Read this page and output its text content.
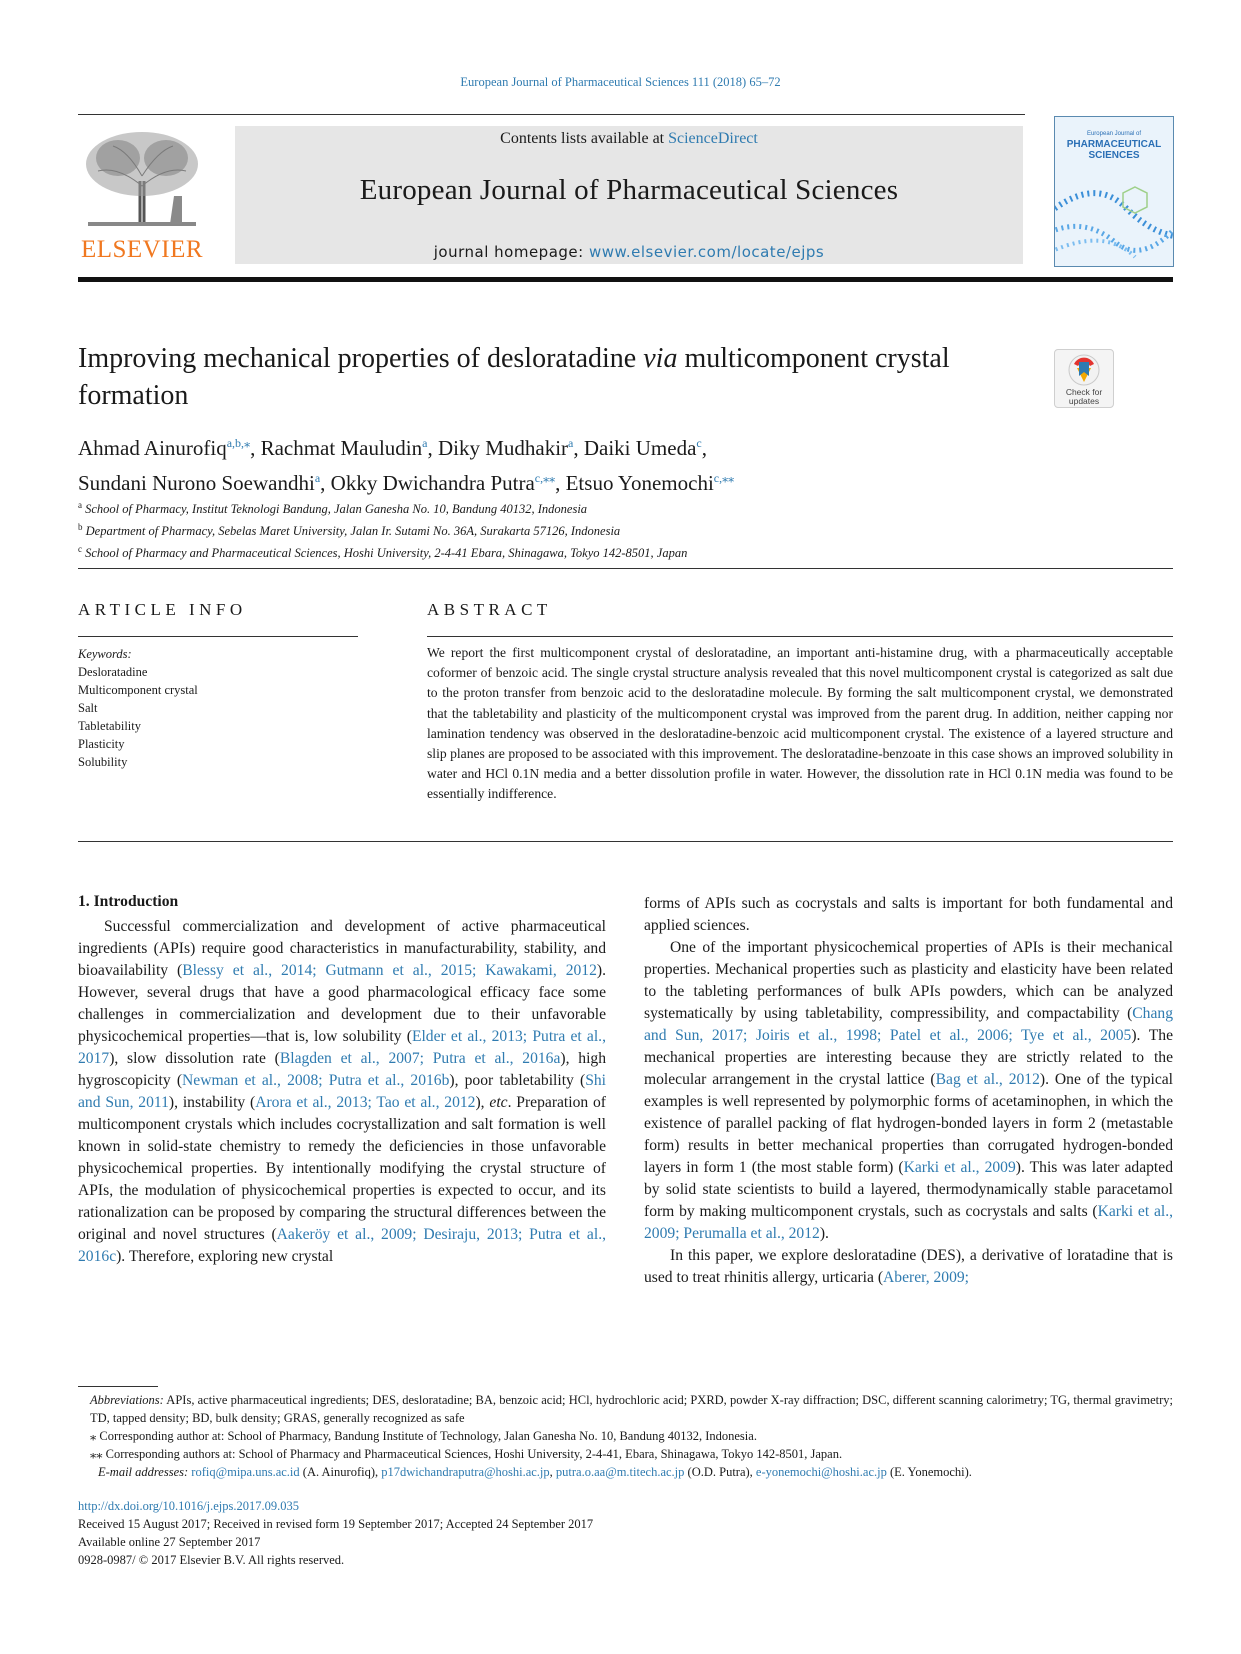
European Journal of Pharmaceutical Sciences 111 (2018) 65–72
ELSEVIER
Contents lists available at ScienceDirect
European Journal of Pharmaceutical Sciences
journal homepage: www.elsevier.com/locate/ejps
European Journal of
PHARMACEUTICAL
SCIENCES
Improving mechanical properties of desloratadine via multicomponent crystal formation	Check for updates
Ahmad Ainurofiq$^{a,b,⁎}$, Rachmat Mauludin$^a$, Diky Mudhakir$^a$, Daiki Umeda$^c$,
Sundani Nurono Soewandhi$^a$, Okky Dwichandra Putra$^{c,⁎⁎}$, Etsuo Yonemochi$^{c,⁎⁎}$
$^a$ School of Pharmacy, Institut Teknologi Bandung, Jalan Ganesha No. 10, Bandung 40132, Indonesia
$^b$ Department of Pharmacy, Sebelas Maret University, Jalan Ir. Sutami No. 36A, Surakarta 57126, Indonesia
$^c$ School of Pharmacy and Pharmaceutical Sciences, Hoshi University, 2-4-41 Ebara, Shinagawa, Tokyo 142-8501, Japan
ARTICLE INFO	ABSTRACT
Keywords:
Desloratadine
Multicomponent crystal
Salt
Tabletability
Plasticity
Solubility
We report the first multicomponent crystal of desloratadine, an important anti-histamine drug, with a pharmaceutically acceptable coformer of benzoic acid. The single crystal structure analysis revealed that this novel multicomponent crystal is categorized as salt due to the proton transfer from benzoic acid to the desloratadine molecule. By forming the salt multicomponent crystal, we demonstrated that the tabletability and plasticity of the multicomponent crystal was improved from the parent drug. In addition, neither capping nor lamination tendency was observed in the desloratadine-benzoic acid multicomponent crystal. The existence of a layered structure and slip planes are proposed to be associated with this improvement. The desloratadine-benzoate in this case shows an improved solubility in water and HCl 0.1N media and a better dissolution profile in water. However, the dissolution rate in HCl 0.1N media was found to be essentially indifference.
1. Introduction

Successful commercialization and development of active pharmaceutical ingredients (APIs) require good characteristics in manufacturability, stability, and bioavailability (Blessy et al., 2014; Gutmann et al., 2015; Kawakami, 2012). However, several drugs that have a good pharmacological efficacy face some challenges in commercialization and development due to their unfavorable physicochemical properties—that is, low solubility (Elder et al., 2013; Putra et al., 2017), slow dissolution rate (Blagden et al., 2007; Putra et al., 2016a), high hygroscopicity (Newman et al., 2008; Putra et al., 2016b), poor tabletability (Shi and Sun, 2011), instability (Arora et al., 2013; Tao et al., 2012), etc. Preparation of multicomponent crystals which includes cocrystallization and salt formation is well known in solid-state chemistry to remedy the deficiencies in those unfavorable physicochemical properties. By intentionally modifying the crystal structure of APIs, the modulation of physicochemical properties is expected to occur, and its rationalization can be proposed by comparing the structural differences between the original and novel structures (Aakeröy et al., 2009; Desiraju, 2013; Putra et al., 2016c). Therefore, exploring new crystal

forms of APIs such as cocrystals and salts is important for both fundamental and applied sciences.

One of the important physicochemical properties of APIs is their mechanical properties. Mechanical properties such as plasticity and elasticity have been related to the tableting performances of bulk APIs powders, which can be analyzed systematically by using tabletability, compressibility, and compactability (Chang and Sun, 2017; Joiris et al., 1998; Patel et al., 2006; Tye et al., 2005). The mechanical properties are interesting because they are strictly related to the molecular arrangement in the crystal lattice (Bag et al., 2012). One of the typical examples is well represented by polymorphic forms of acetaminophen, in which the existence of parallel packing of flat hydrogen-bonded layers in form 2 (metastable form) results in better mechanical properties than corrugated hydrogen-bonded layers in form 1 (the most stable form) (Karki et al., 2009). This was later adapted by solid state scientists to build a layered, thermodynamically stable paracetamol form by making multicomponent crystals, such as cocrystals and salts (Karki et al., 2009; Perumalla et al., 2012).

In this paper, we explore desloratadine (DES), a derivative of loratadine that is used to treat rhinitis allergy, urticaria (Aberer, 2009;

Abbreviations: APIs, active pharmaceutical ingredients; DES, desloratadine; BA, benzoic acid; HCl, hydrochloric acid; PXRD, powder X-ray diffraction; DSC, different scanning calorimetry; TG, thermal gravimetry; TD, tapped density; BD, bulk density; GRAS, generally recognized as safe

⁎ Corresponding author at: School of Pharmacy, Bandung Institute of Technology, Jalan Ganesha No. 10, Bandung 40132, Indonesia.

⁎⁎ Corresponding authors at: School of Pharmacy and Pharmaceutical Sciences, Hoshi University, 2-4-41, Ebara, Shinagawa, Tokyo 142-8501, Japan.

E-mail addresses: rofiq@mipa.uns.ac.id (A. Ainurofiq), p17dwichandraputra@hoshi.ac.jp, putra.o.aa@m.titech.ac.jp (O.D. Putra), e-yonemochi@hoshi.ac.jp (E. Yonemochi).

http://dx.doi.org/10.1016/j.ejps.2017.09.035

Received 15 August 2017; Received in revised form 19 September 2017; Accepted 24 September 2017

Available online 27 September 2017

0928-0987/ © 2017 Elsevier B.V. All rights reserved.
